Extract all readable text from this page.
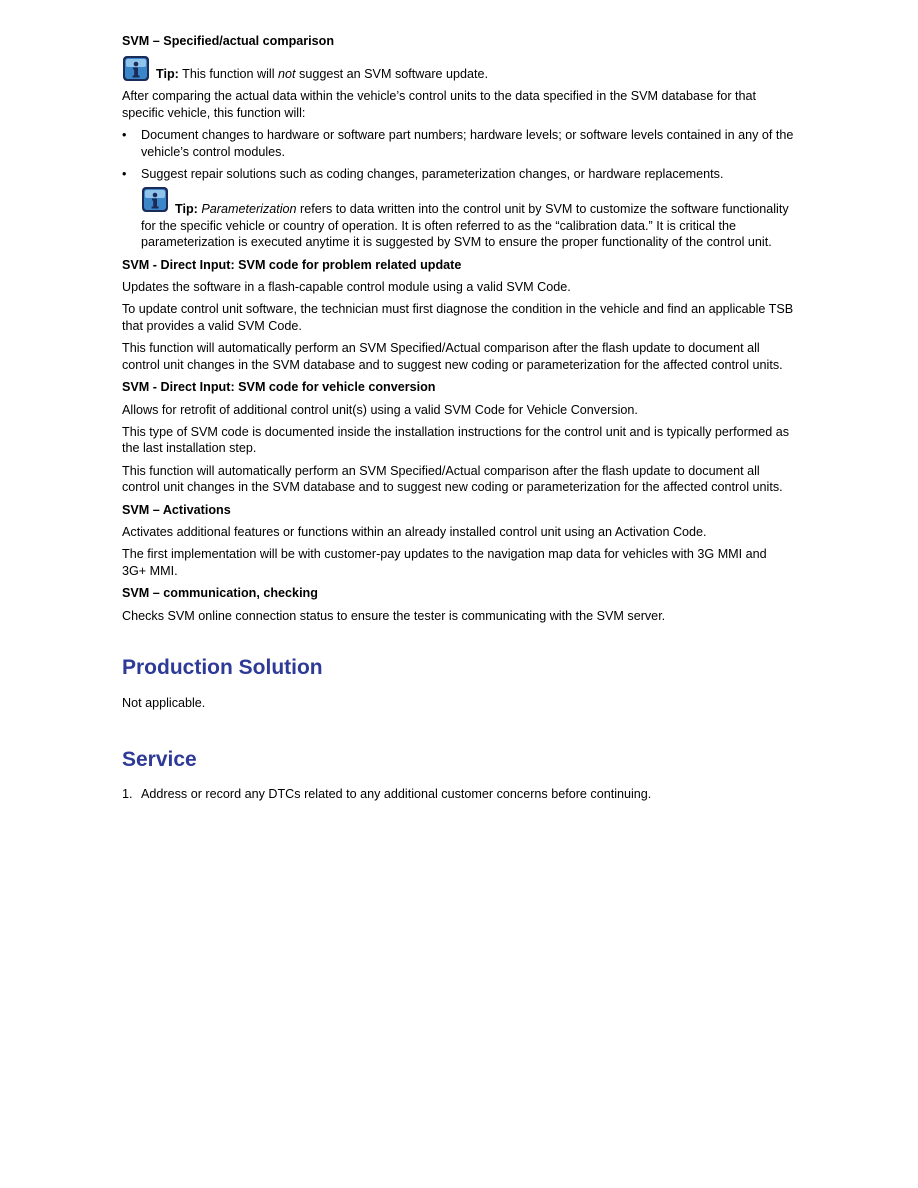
SVM – Specified/actual comparison
Tip: This function will not suggest an SVM software update.

After comparing the actual data within the vehicle’s control units to the data specified in the SVM database for that specific vehicle, this function will:

• Document changes to hardware or software part numbers; hardware levels; or software levels contained in any of the vehicle’s control modules.
• Suggest repair solutions such as coding changes, parameterization changes, or hardware replacements.
Tip: Parameterization refers to data written into the control unit by SVM to customize the software functionality for the specific vehicle or country of operation. It is often referred to as the “calibration data.” It is critical the parameterization is executed anytime it is suggested by SVM to ensure the proper functionality of the control unit.
SVM - Direct Input: SVM code for problem related update

Updates the software in a flash-capable control module using a valid SVM Code.

To update control unit software, the technician must first diagnose the condition in the vehicle and find an applicable TSB that provides a valid SVM Code.

This function will automatically perform an SVM Specified/Actual comparison after the flash update to document all control unit changes in the SVM database and to suggest new coding or parameterization for the affected control units.

SVM - Direct Input: SVM code for vehicle conversion

Allows for retrofit of additional control unit(s) using a valid SVM Code for Vehicle Conversion.

This type of SVM code is documented inside the installation instructions for the control unit and is typically performed as the last installation step.

This function will automatically perform an SVM Specified/Actual comparison after the flash update to document all control unit changes in the SVM database and to suggest new coding or parameterization for the affected control units.

SVM – Activations

Activates additional features or functions within an already installed control unit using an Activation Code.

The first implementation will be with customer-pay updates to the navigation map data for vehicles with 3G MMI and 3G+ MMI.

SVM – communication, checking

Checks SVM online connection status to ensure the tester is communicating with the SVM server.

Production Solution

Not applicable.

Service
1. Address or record any DTCs related to any additional customer concerns before continuing.
